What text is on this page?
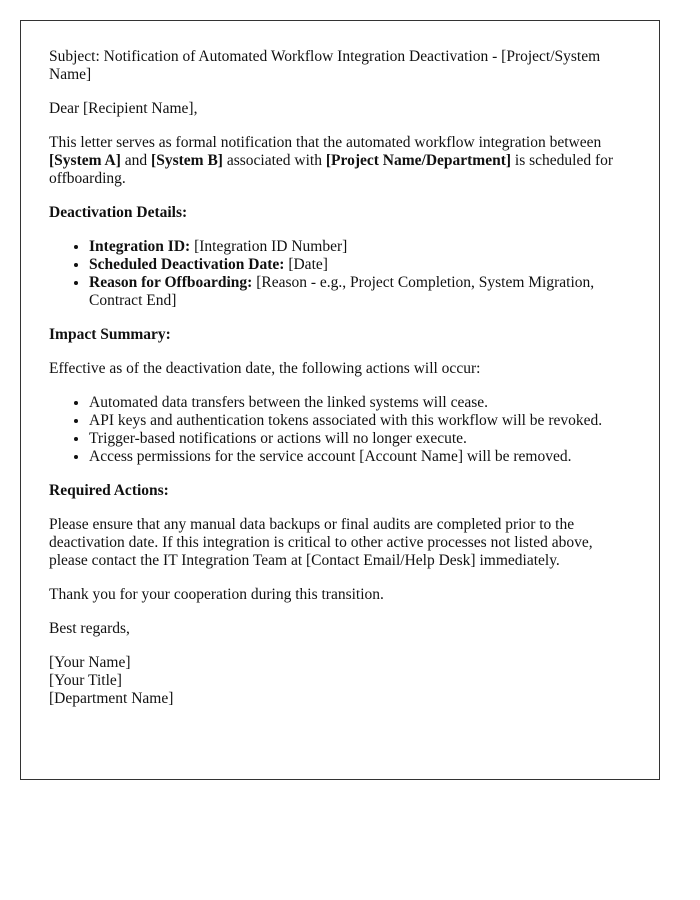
Subject: Notification of Automated Workflow Integration Deactivation - [Project/System Name]

Dear [Recipient Name],

This letter serves as formal notification that the automated workflow integration between [System A] and [System B] associated with [Project Name/Department] is scheduled for offboarding.

Deactivation Details:

• Integration ID: [Integration ID Number]
• Scheduled Deactivation Date: [Date]
• Reason for Offboarding: [Reason - e.g., Project Completion, System Migration, Contract End]

Impact Summary:

Effective as of the deactivation date, the following actions will occur:

• Automated data transfers between the linked systems will cease.
• API keys and authentication tokens associated with this workflow will be revoked.
• Trigger-based notifications or actions will no longer execute.
• Access permissions for the service account [Account Name] will be removed.

Required Actions:

Please ensure that any manual data backups or final audits are completed prior to the deactivation date. If this integration is critical to other active processes not listed above, please contact the IT Integration Team at [Contact Email/Help Desk] immediately.

Thank you for your cooperation during this transition.

Best regards,

[Your Name]
[Your Title]
[Department Name]
